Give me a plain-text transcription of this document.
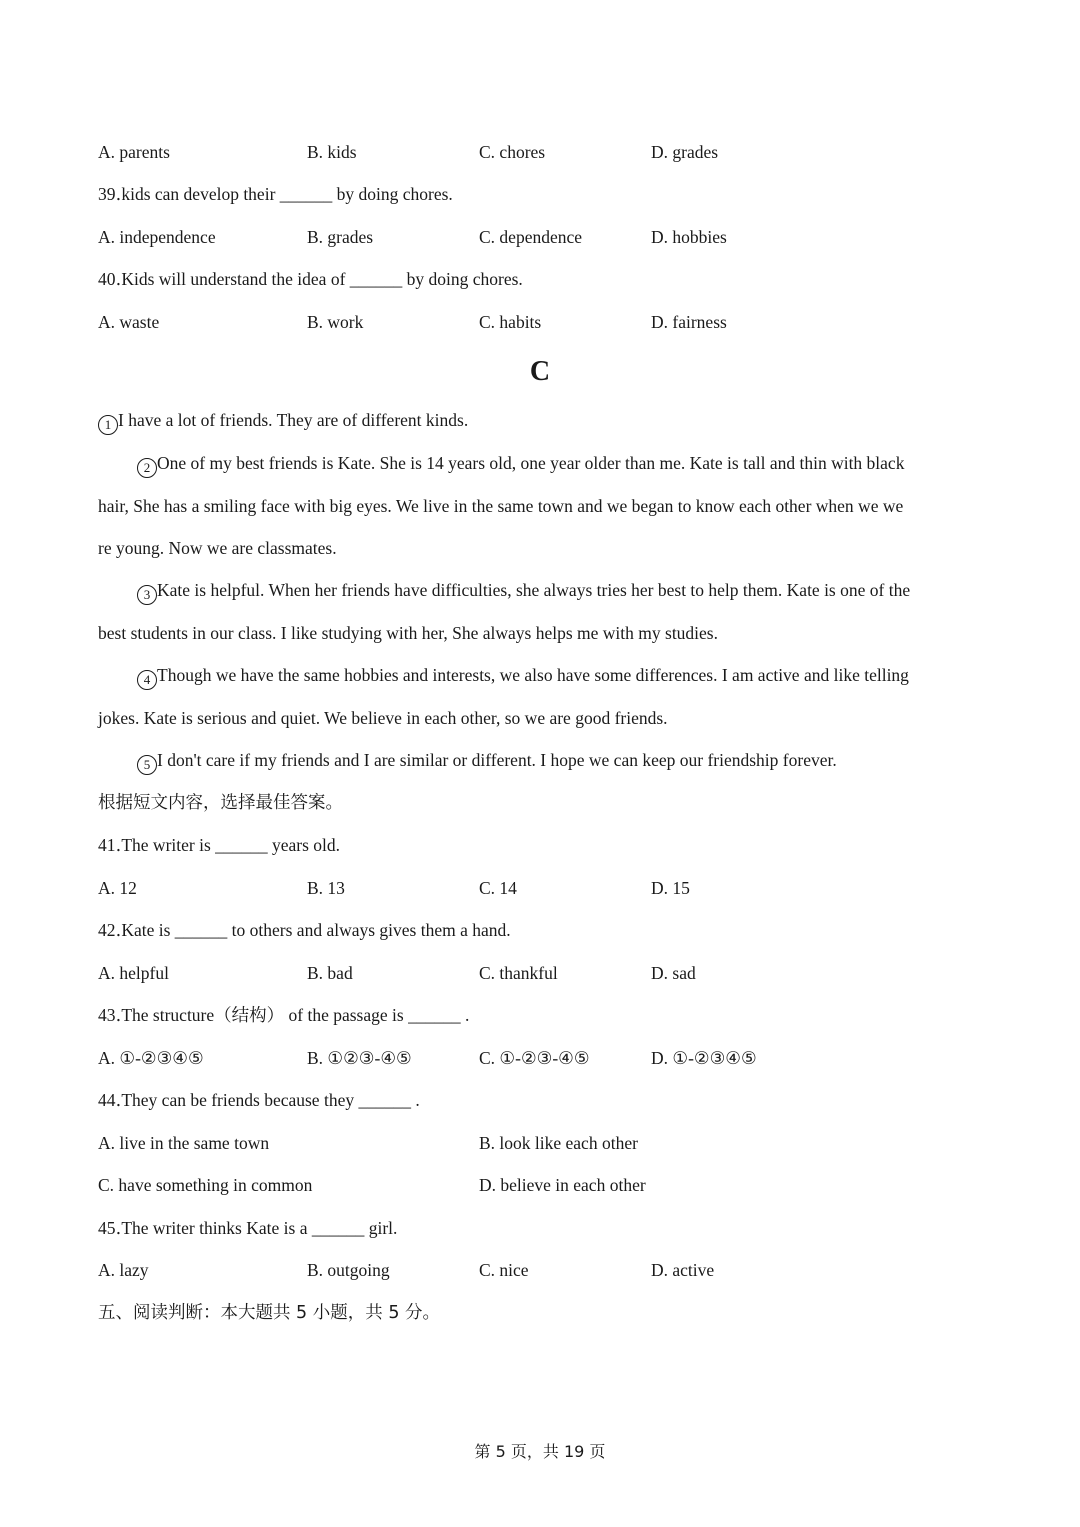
A. parents	B. kids	C. chores	D. grades
39․kids can develop their ______ by doing chores.
A. independence	B. grades	C. dependence	D. hobbies
40․Kids will understand the idea of ______ by doing chores.
A. waste	B. work	C. habits	D. fairness
C
1 I have a lot of friends. They are of different kinds.
2 One of my best friends is Kate. She is 14 years old, one year older than me. Kate is tall and thin with black
hair, She has a smiling face with big eyes. We live in the same town and we began to know each other when we we
re young. Now we are classmates.
3 Kate is helpful. When her friends have difficulties, she always tries her best to help them. Kate is one of the
best students in our class. I like studying with her, She always helps me with my studies.
4 Though we have the same hobbies and interests, we also have some differences. I am active and like telling
jokes. Kate is serious and quiet. We believe in each other, so we are good friends.
5 I don't care if my friends and I are similar or different. I hope we can keep our friendship forever.
根据短文内容，选择最佳答案。
41․The writer is ______ years old.
A. 12	B. 13	C. 14	D. 15
42․Kate is ______ to others and always gives them a hand.
A. helpful	B. bad	C. thankful	D. sad
43․The structure（结构） of the passage is ______ .
A. ①-②③④⑤	B. ①②③-④⑤	C. ①-②③-④⑤	D. ①-②③④⑤
44․They can be friends because they ______ .
A. live in the same town	B. look like each other
C. have something in common	D. believe in each other
45․The writer thinks Kate is a ______ girl.
A. lazy	B. outgoing	C. nice	D. active
五、阅读判断：本大题共 5 小题，共 5 分。
第 5 页，共 19 页
